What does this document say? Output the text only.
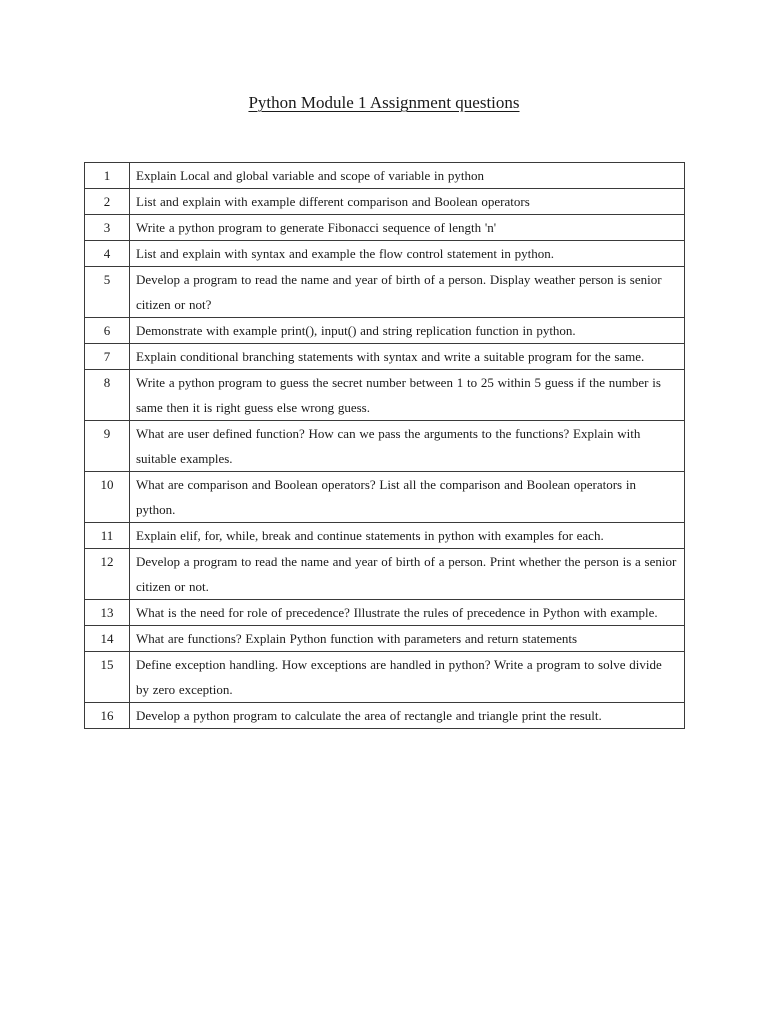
Python Module 1 Assignment questions
1	Explain Local and global variable and scope of variable in python
2	List and explain with example different comparison and Boolean operators
3	Write a python program to generate Fibonacci sequence of length 'n'
4	List and explain with syntax and example the flow control statement in python.
5	Develop a program to read the name and year of birth of a person. Display weather person is senior citizen or not?
6	Demonstrate with example print(), input() and string replication function in python.
7	Explain conditional branching statements with syntax and write a suitable program for the same.
8	Write a python program to guess the secret number between 1 to 25 within 5 guess if the number is same then it is right guess else wrong guess.
9	What are user defined function? How can we pass the arguments to the functions? Explain with suitable examples.
10	What are comparison and Boolean operators? List all the comparison and Boolean operators in python.
11	Explain elif, for, while, break and continue statements in python with examples for each.
12	Develop a program to read the name and year of birth of a person. Print whether the person is a senior citizen or not.
13	What is the need for role of precedence? Illustrate the rules of precedence in Python with example.
14	What are functions? Explain Python function with parameters and return statements
15	Define exception handling. How exceptions are handled in python? Write a program to solve divide by zero exception.
16	Develop a python program to calculate the area of rectangle and triangle print the result.
